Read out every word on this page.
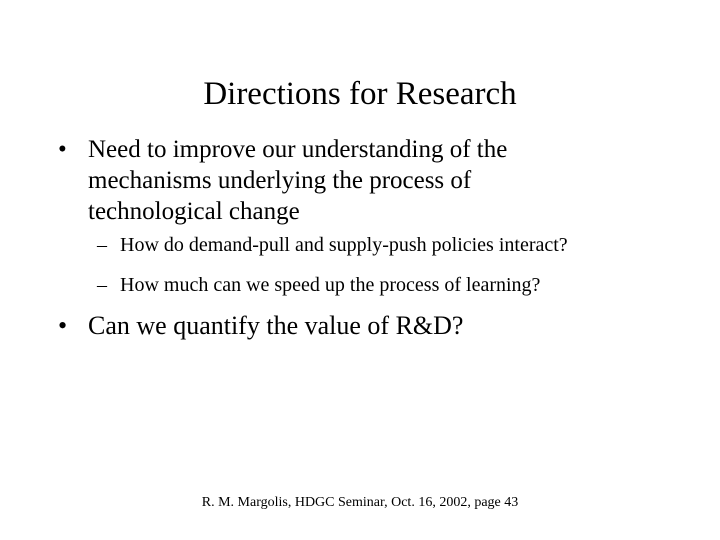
Directions for Research
• Need to improve our understanding of the
mechanisms underlying the process of
technological change
– How do demand-pull and supply-push policies interact?
– How much can we speed up the process of learning?
• Can we quantify the value of R&D?
R. M. Margolis, HDGC Seminar, Oct. 16, 2002, page 43
